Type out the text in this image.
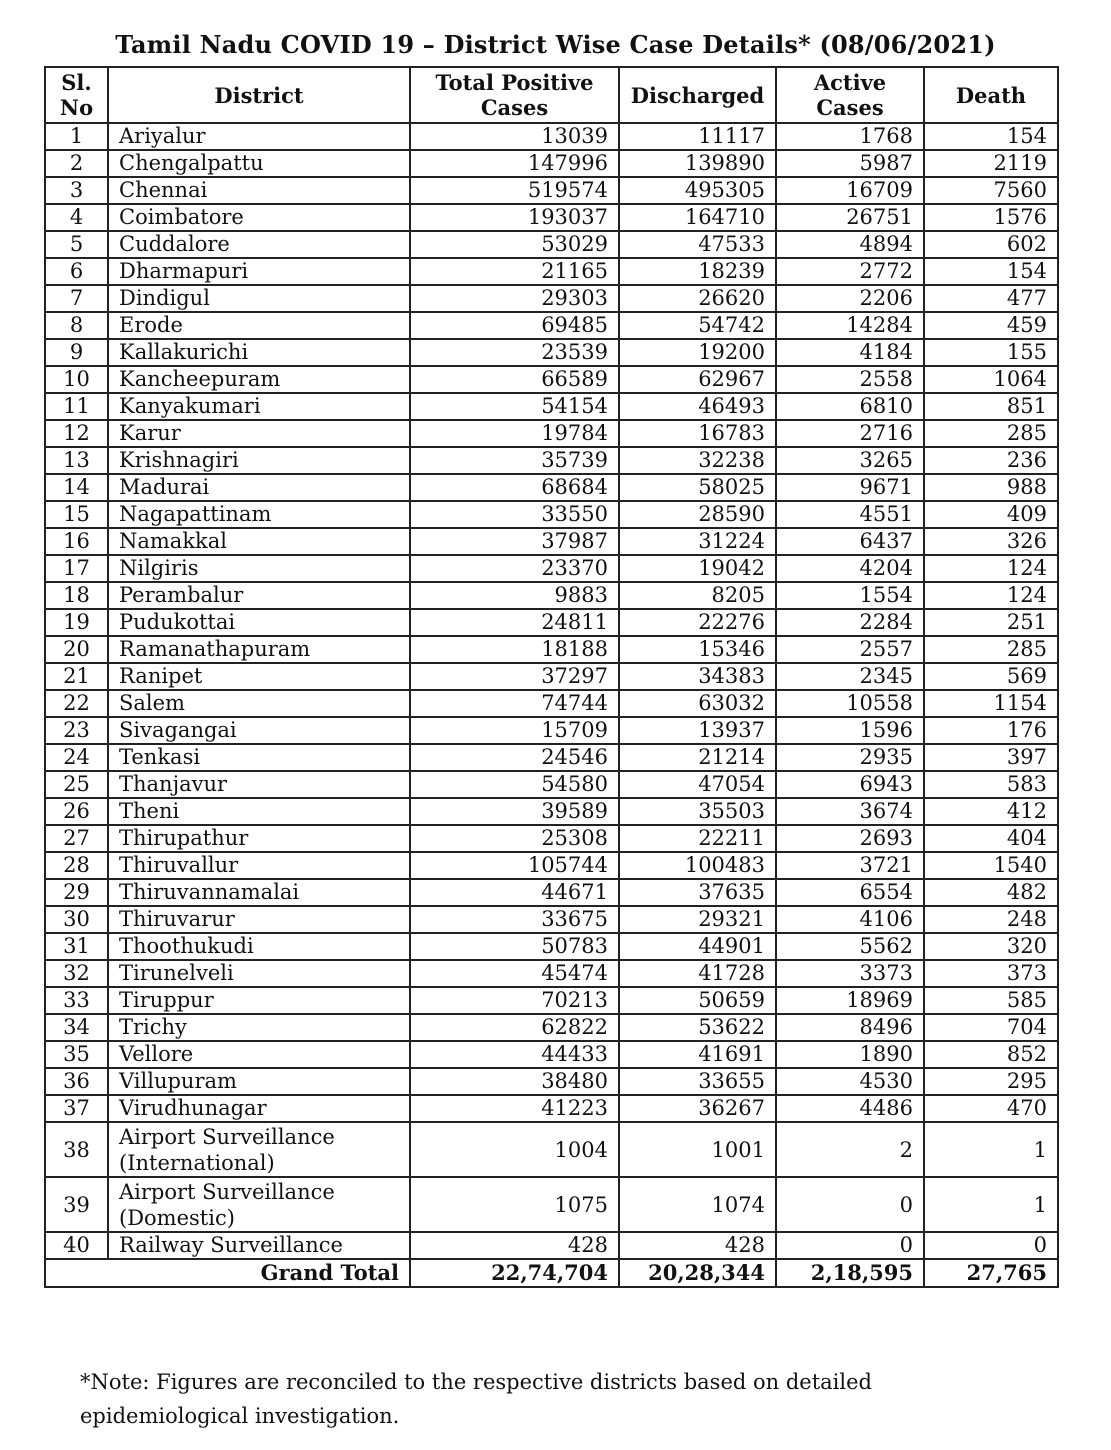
Tamil Nadu COVID 19 – District Wise Case Details* (08/06/2021)
Sl. No	District	Total Positive Cases	Discharged	Active Cases	Death
1	Ariyalur	13039	11117	1768	154
2	Chengalpattu	147996	139890	5987	2119
3	Chennai	519574	495305	16709	7560
4	Coimbatore	193037	164710	26751	1576
5	Cuddalore	53029	47533	4894	602
6	Dharmapuri	21165	18239	2772	154
7	Dindigul	29303	26620	2206	477
8	Erode	69485	54742	14284	459
9	Kallakurichi	23539	19200	4184	155
10	Kancheepuram	66589	62967	2558	1064
11	Kanyakumari	54154	46493	6810	851
12	Karur	19784	16783	2716	285
13	Krishnagiri	35739	32238	3265	236
14	Madurai	68684	58025	9671	988
15	Nagapattinam	33550	28590	4551	409
16	Namakkal	37987	31224	6437	326
17	Nilgiris	23370	19042	4204	124
18	Perambalur	9883	8205	1554	124
19	Pudukottai	24811	22276	2284	251
20	Ramanathapuram	18188	15346	2557	285
21	Ranipet	37297	34383	2345	569
22	Salem	74744	63032	10558	1154
23	Sivagangai	15709	13937	1596	176
24	Tenkasi	24546	21214	2935	397
25	Thanjavur	54580	47054	6943	583
26	Theni	39589	35503	3674	412
27	Thirupathur	25308	22211	2693	404
28	Thiruvallur	105744	100483	3721	1540
29	Thiruvannamalai	44671	37635	6554	482
30	Thiruvarur	33675	29321	4106	248
31	Thoothukudi	50783	44901	5562	320
32	Tirunelveli	45474	41728	3373	373
33	Tiruppur	70213	50659	18969	585
34	Trichy	62822	53622	8496	704
35	Vellore	44433	41691	1890	852
36	Villupuram	38480	33655	4530	295
37	Virudhunagar	41223	36267	4486	470
38	Airport Surveillance (International)	1004	1001	2	1
39	Airport Surveillance (Domestic)	1075	1074	0	1
40	Railway Surveillance	428	428	0	0
Grand Total		22,74,704	20,28,344	2,18,595	27,765
*Note: Figures are reconciled to the respective districts based on detailed epidemiological investigation.
